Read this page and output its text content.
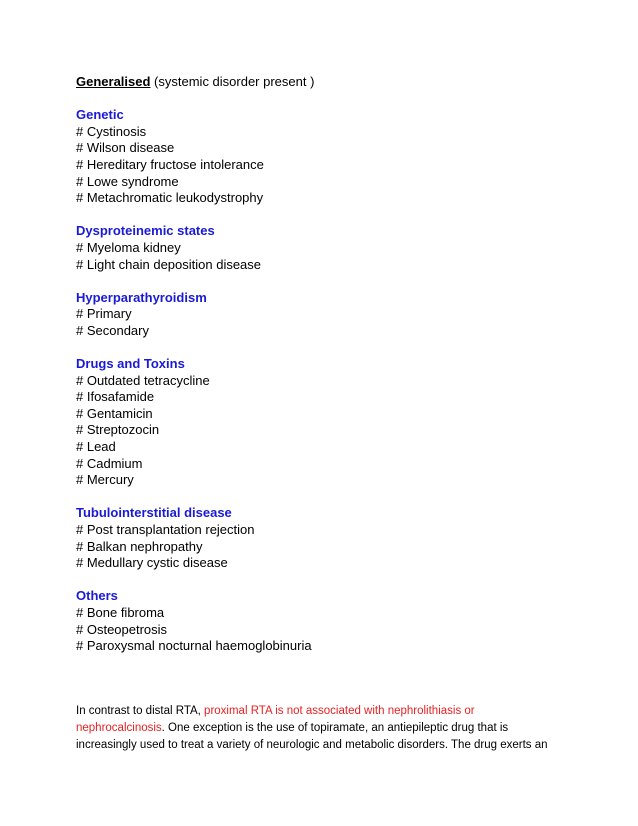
Generalised (systemic disorder present )

Genetic

# Cystinosis

# Wilson disease

# Hereditary fructose intolerance

# Lowe syndrome

# Metachromatic leukodystrophy

Dysproteinemic states

# Myeloma kidney

# Light chain deposition disease

Hyperparathyroidism

# Primary

# Secondary

Drugs and Toxins

# Outdated tetracycline

# Ifosafamide

# Gentamicin

# Streptozocin

# Lead

# Cadmium

# Mercury

Tubulointerstitial disease

# Post transplantation rejection

# Balkan nephropathy

# Medullary cystic disease

Others

# Bone fibroma

# Osteopetrosis

# Paroxysmal nocturnal haemoglobinuria

In contrast to distal RTA, proximal RTA is not associated with nephrolithiasis or nephrocalcinosis. One exception is the use of topiramate, an antiepileptic drug that is increasingly used to treat a variety of neurologic and metabolic disorders. The drug exerts an
